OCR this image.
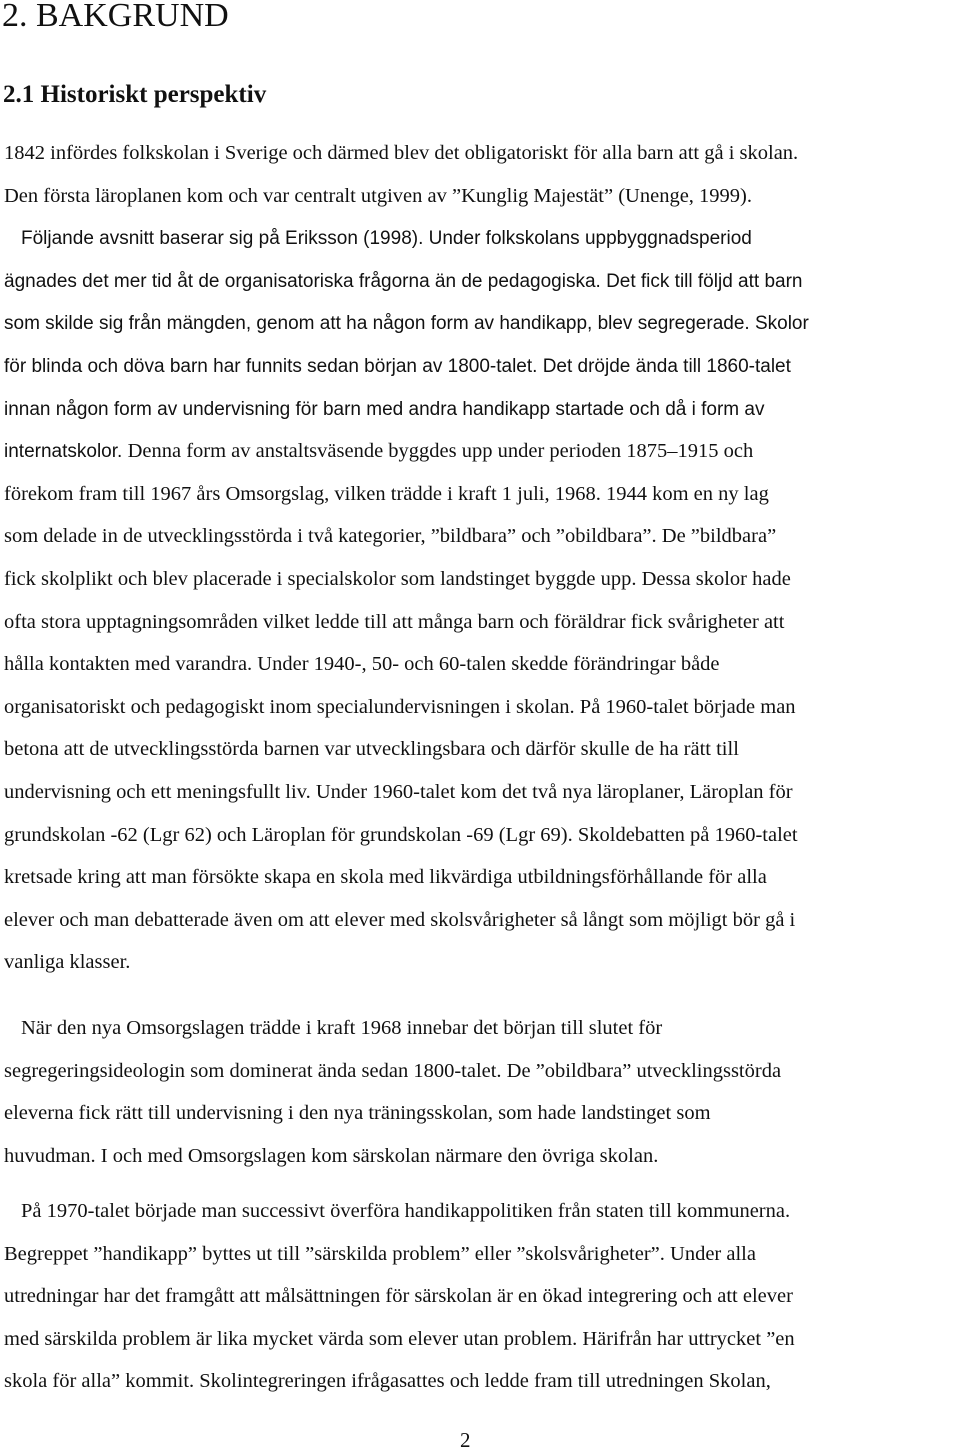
2. BAKGRUND
2.1 Historiskt perspektiv
1842 infördes folkskolan i Sverige och därmed blev det obligatoriskt för alla barn att gå i skolan.
Den första läroplanen kom och var centralt utgiven av ”Kunglig Majestät” (Unenge, 1999).
Följande avsnitt baserar sig på Eriksson (1998). Under folkskolans uppbyggnadsperiod
ägnades det mer tid åt de organisatoriska frågorna än de pedagogiska. Det fick till följd att barn
som skilde sig från mängden, genom att ha någon form av handikapp, blev segregerade. Skolor
för blinda och döva barn har funnits sedan början av 1800-talet. Det dröjde ända till 1860-talet
innan någon form av undervisning för barn med andra handikapp startade och då i form av
internatskolor. Denna form av anstaltsväsende byggdes upp under perioden 1875–1915 och
förekom fram till 1967 års Omsorgslag, vilken trädde i kraft 1 juli, 1968. 1944 kom en ny lag
som delade in de utvecklingsstörda i två kategorier, ”bildbara” och ”obildbara”. De ”bildbara”
fick skolplikt och blev placerade i specialskolor som landstinget byggde upp. Dessa skolor hade
ofta stora upptagningsområden vilket ledde till att många barn och föräldrar fick svårigheter att
hålla kontakten med varandra. Under 1940-, 50- och 60-talen skedde förändringar både
organisatoriskt och pedagogiskt inom specialundervisningen i skolan. På 1960-talet började man
betona att de utvecklingsstörda barnen var utvecklingsbara och därför skulle de ha rätt till
undervisning och ett meningsfullt liv. Under 1960-talet kom det två nya läroplaner, Läroplan för
grundskolan -62 (Lgr 62) och Läroplan för grundskolan -69 (Lgr 69). Skoldebatten på 1960-talet
kretsade kring att man försökte skapa en skola med likvärdiga utbildningsförhållande för alla
elever och man debatterade även om att elever med skolsvårigheter så långt som möjligt bör gå i
vanliga klasser.
När den nya Omsorgslagen trädde i kraft 1968 innebar det början till slutet för
segregeringsideologin som dominerat ända sedan 1800-talet. De ”obildbara” utvecklingsstörda
eleverna fick rätt till undervisning i den nya träningsskolan, som hade landstinget som
huvudman. I och med Omsorgslagen kom särskolan närmare den övriga skolan.
På 1970-talet började man successivt överföra handikappolitiken från staten till kommunerna.
Begreppet ”handikapp” byttes ut till ”särskilda problem” eller ”skolsvårigheter”. Under alla
utredningar har det framgått att målsättningen för särskolan är en ökad integrering och att elever
med särskilda problem är lika mycket värda som elever utan problem. Härifrån har uttrycket ”en
skola för alla” kommit. Skolintegreringen ifrågasattes och ledde fram till utredningen Skolan,
2
